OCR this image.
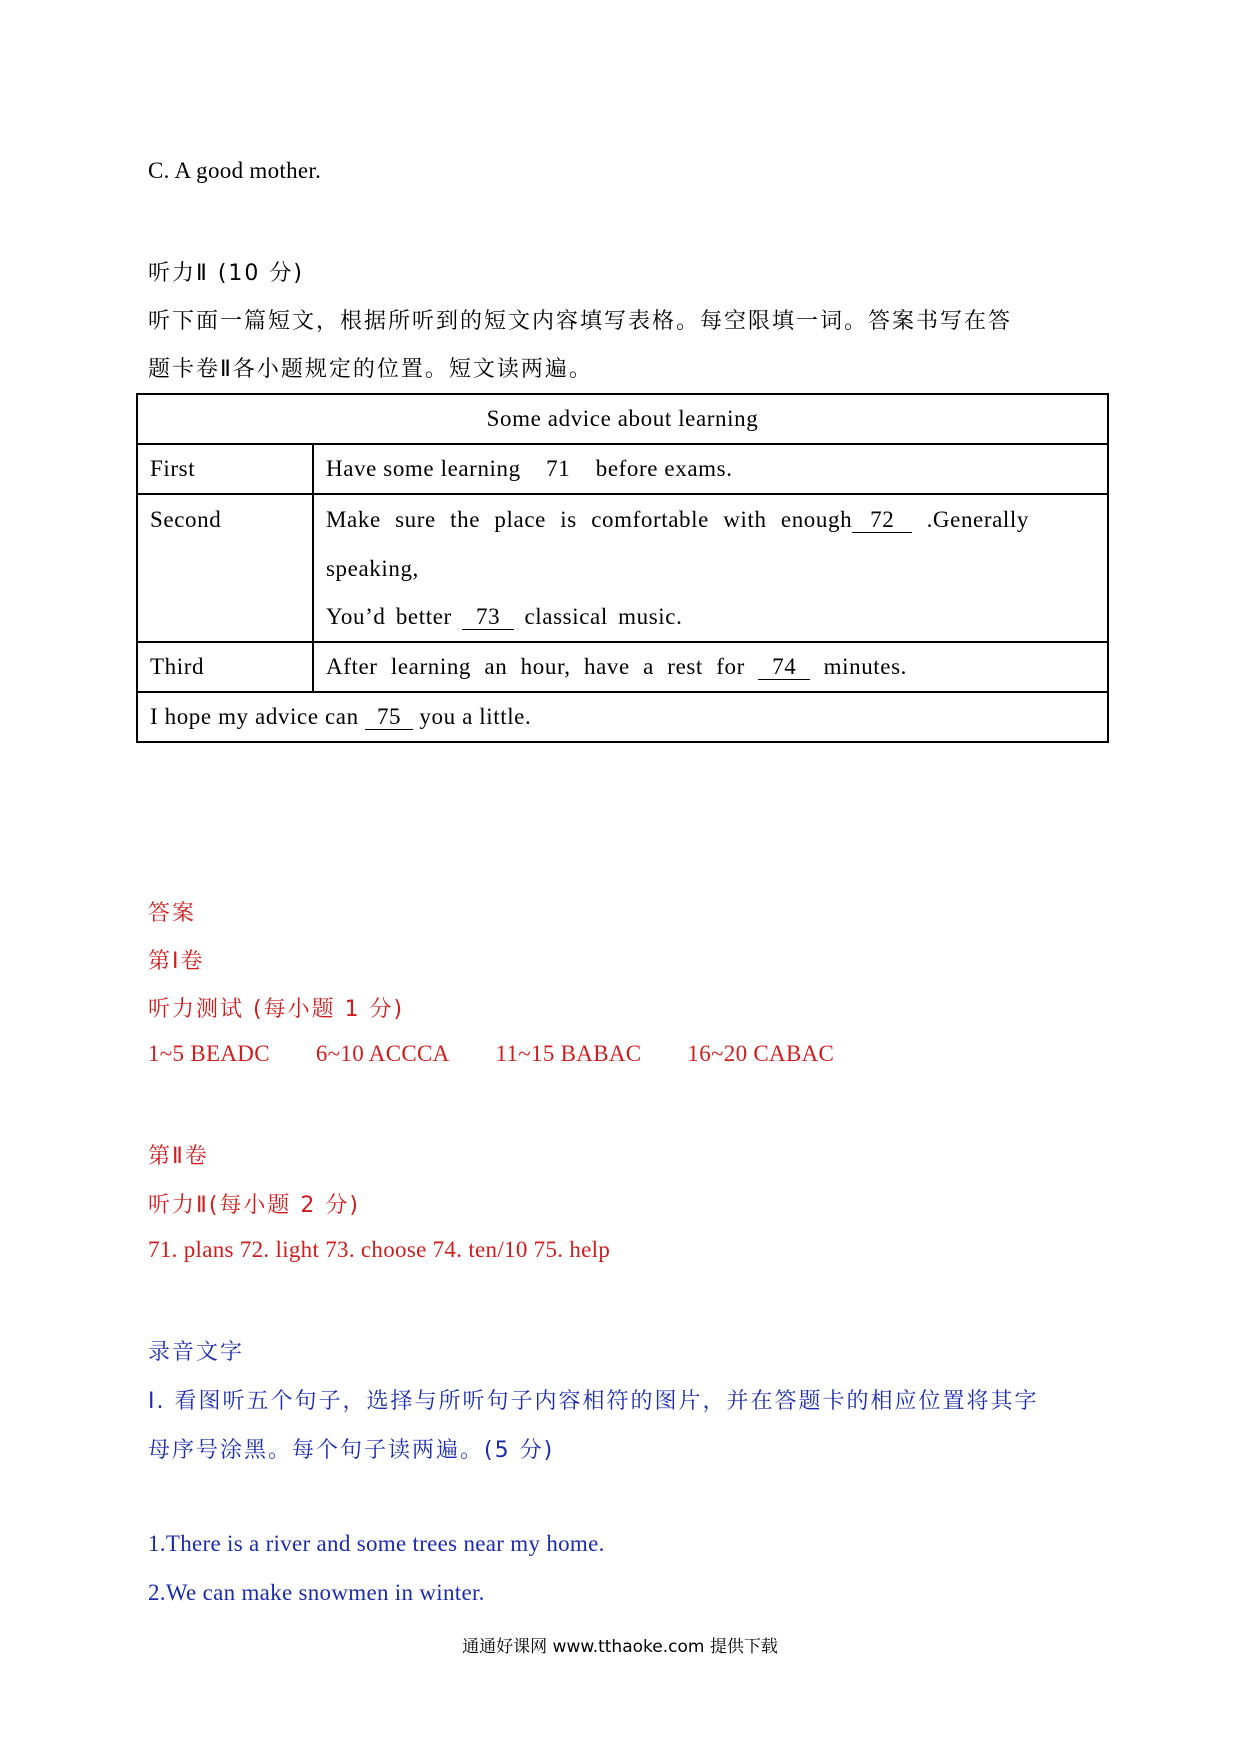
C. A good mother.
听力Ⅱ (10 分)
听下面一篇短文，根据所听到的短文内容填写表格。每空限填一词。答案书写在答
题卡卷Ⅱ各小题规定的位置。短文读两遍。
Some advice about learning	
First	Have some learning 71 before exams.
Second	Make sure the place is comfortable with enough 72 .Generally
speaking,
You’d better 73 classical music.

Third	After learning an hour, have a rest for 74 minutes.
I hope my advice can 75 you a little.	
答案
第Ⅰ卷
听力测试 (每小题 1 分)
1~5 BEADC 6~10 ACCCA 11~15 BABAC 16~20 CABAC
第Ⅱ卷
听力Ⅱ(每小题 2 分)
71. plans 72. light 73. choose 74. ten/10 75. help
录音文字
I. 看图听五个句子，选择与所听句子内容相符的图片，并在答题卡的相应位置将其字
母序号涂黑。每个句子读两遍。(5 分)
1.There is a river and some trees near my home.
2.We can make snowmen in winter.
通通好课网 www.tthaoke.com 提供下载
